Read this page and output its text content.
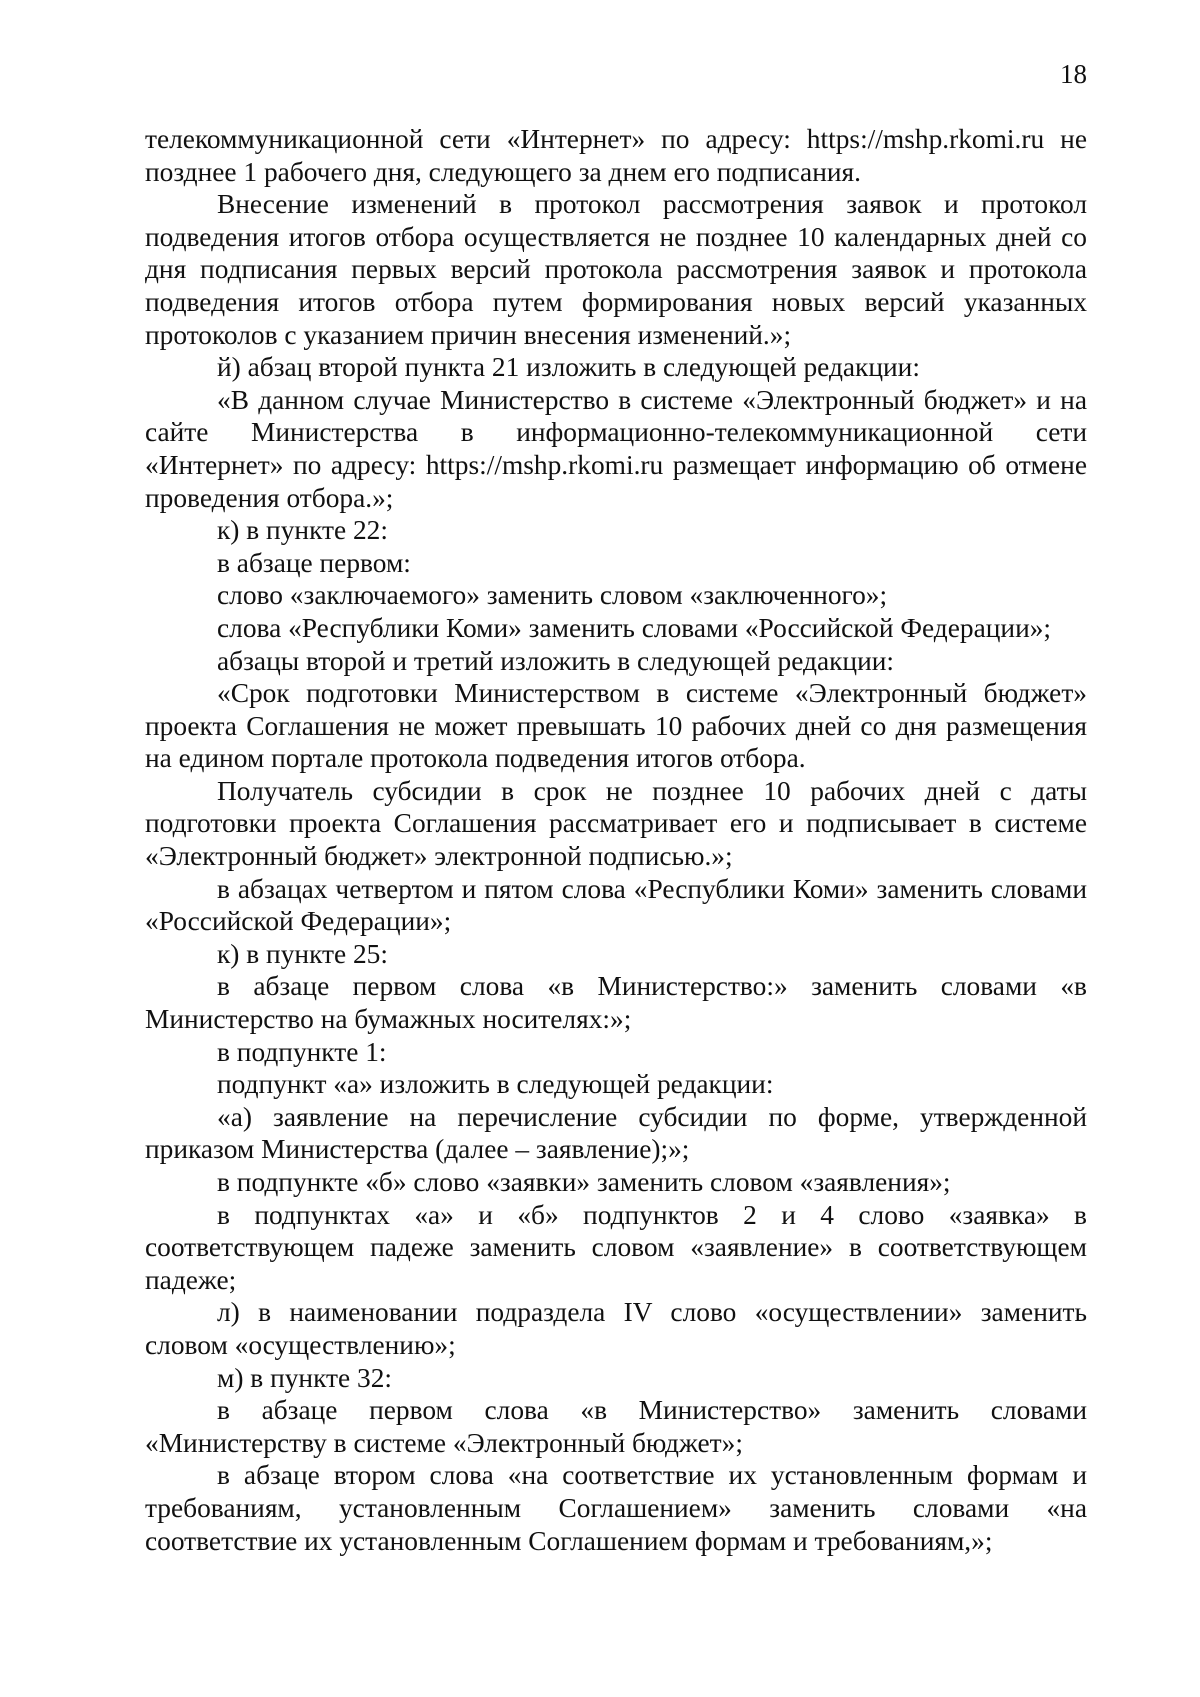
18

телекоммуникационной сети «Интернет» по адресу: https://mshp.rkomi.ru не позднее 1 рабочего дня, следующего за днем его подписания.

Внесение изменений в протокол рассмотрения заявок и протокол подведения итогов отбора осуществляется не позднее 10 календарных дней со дня подписания первых версий протокола рассмотрения заявок и протокола подведения итогов отбора путем формирования новых версий указанных протоколов с указанием причин внесения изменений.»;

й) абзац второй пункта 21 изложить в следующей редакции:

«В данном случае Министерство в системе «Электронный бюджет» и на сайте Министерства в информационно-телекоммуникационной сети «Интернет» по адресу: https://mshp.rkomi.ru размещает информацию об отмене проведения отбора.»;

к) в пункте 22:

в абзаце первом:

слово «заключаемого» заменить словом «заключенного»;

слова «Республики Коми» заменить словами «Российской Федерации»;

абзацы второй и третий изложить в следующей редакции:

«Срок подготовки Министерством в системе «Электронный бюджет» проекта Соглашения не может превышать 10 рабочих дней со дня размещения на едином портале протокола подведения итогов отбора.

Получатель субсидии в срок не позднее 10 рабочих дней с даты подготовки проекта Соглашения рассматривает его и подписывает в системе «Электронный бюджет» электронной подписью.»;

в абзацах четвертом и пятом слова «Республики Коми» заменить словами «Российской Федерации»;

к) в пункте 25:

в абзаце первом слова «в Министерство:» заменить словами «в Министерство на бумажных носителях:»;

в подпункте 1:

подпункт «а» изложить в следующей редакции:

«а) заявление на перечисление субсидии по форме, утвержденной приказом Министерства (далее – заявление);»;

в подпункте «б» слово «заявки» заменить словом «заявления»;

в подпунктах «а» и «б» подпунктов 2 и 4 слово «заявка» в соответствующем падеже заменить словом «заявление» в соответствующем падеже;

л) в наименовании подраздела IV слово «осуществлении» заменить словом «осуществлению»;

м) в пункте 32:

в абзаце первом слова «в Министерство» заменить словами «Министерству в системе «Электронный бюджет»;

в абзаце втором слова «на соответствие их установленным формам и требованиям, установленным Соглашением» заменить словами «на соответствие их установленным Соглашением формам и требованиям,»;
